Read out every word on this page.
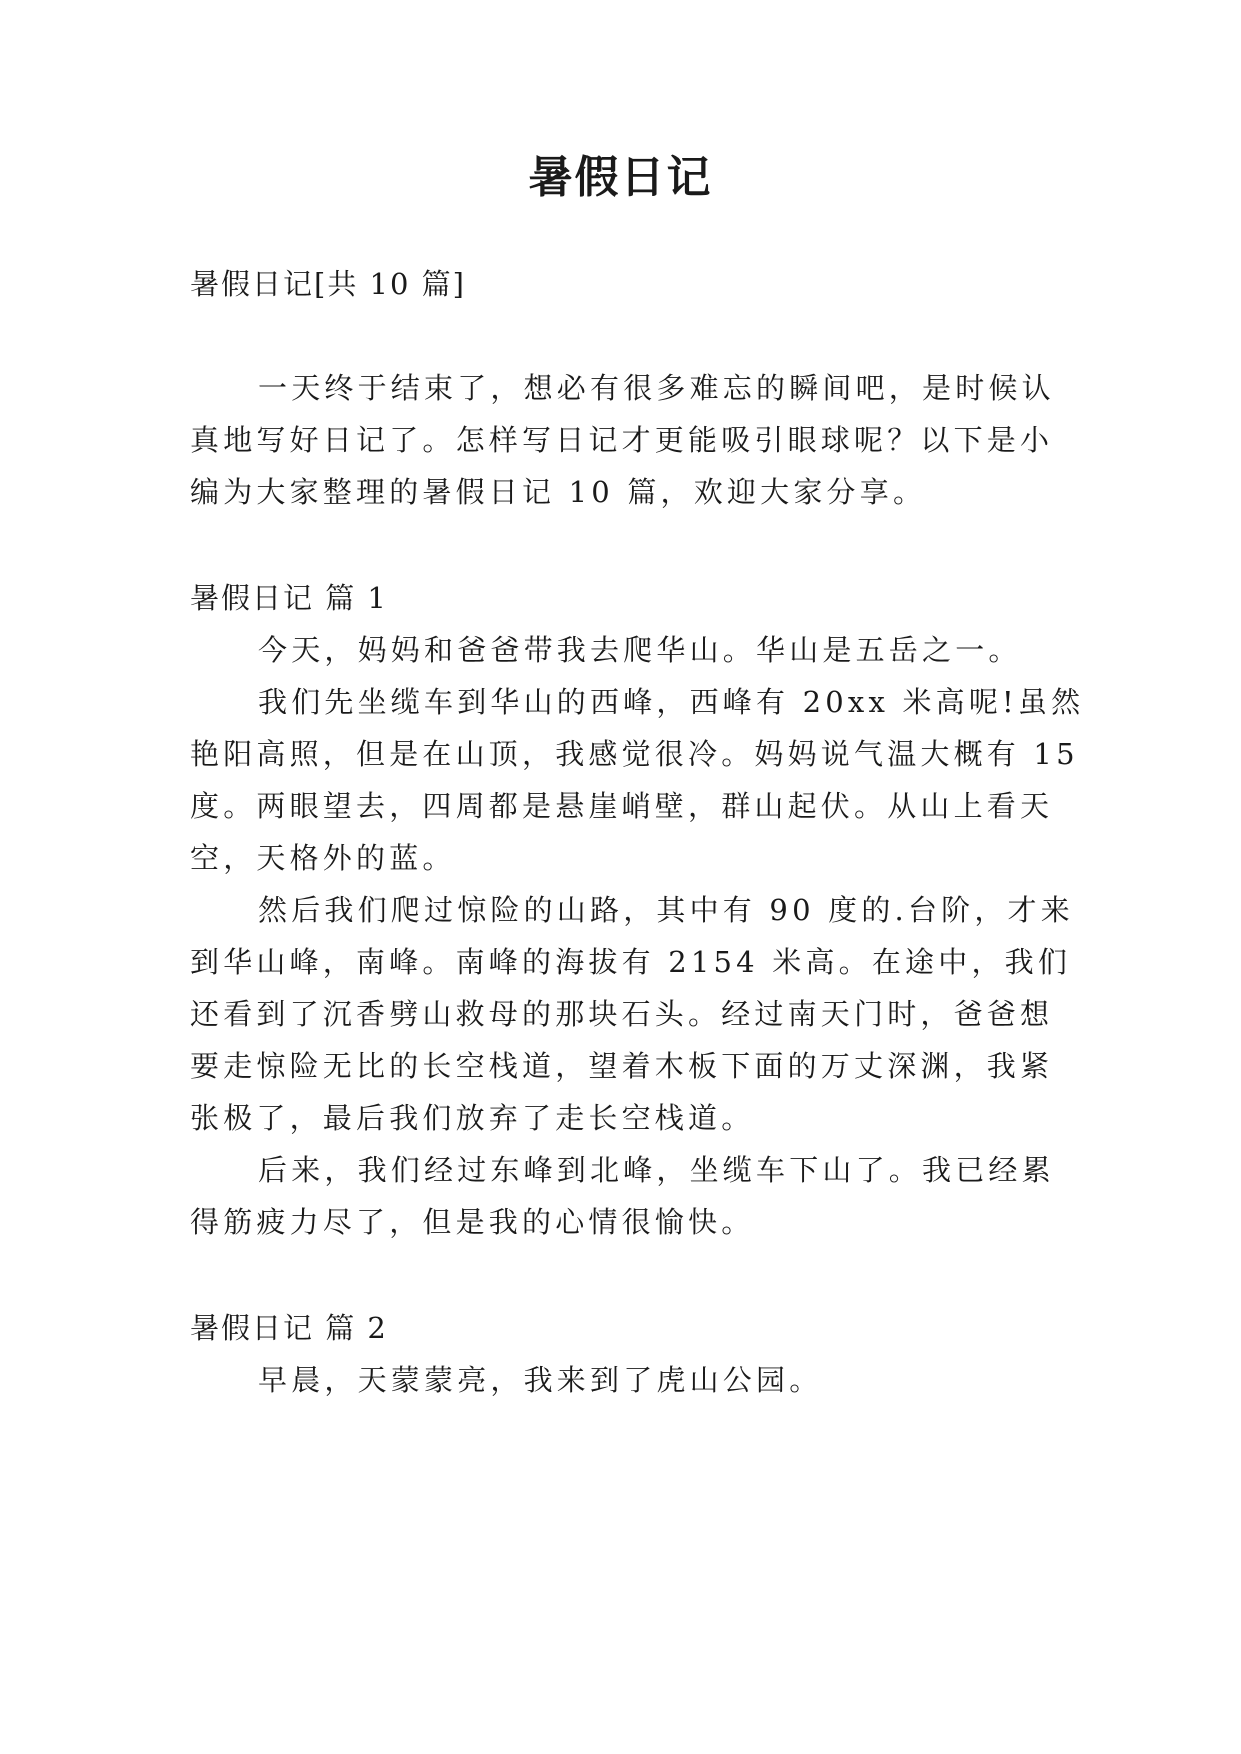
暑假日记

暑假日记[共 10 篇]

一天终于结束了，想必有很多难忘的瞬间吧，是时候认

真地写好日记了。怎样写日记才更能吸引眼球呢？以下是小

编为大家整理的暑假日记 10 篇，欢迎大家分享。

暑假日记 篇 1

今天，妈妈和爸爸带我去爬华山。华山是五岳之一。

我们先坐缆车到华山的西峰，西峰有 20xx 米高呢!虽然

艳阳高照，但是在山顶，我感觉很冷。妈妈说气温大概有 15

度。两眼望去，四周都是悬崖峭壁，群山起伏。从山上看天

空，天格外的蓝。

然后我们爬过惊险的山路，其中有 90 度的.台阶，才来

到华山峰，南峰。南峰的海拔有 2154 米高。在途中，我们

还看到了沉香劈山救母的那块石头。经过南天门时，爸爸想

要走惊险无比的长空栈道，望着木板下面的万丈深渊，我紧

张极了，最后我们放弃了走长空栈道。

后来，我们经过东峰到北峰，坐缆车下山了。我已经累

得筋疲力尽了，但是我的心情很愉快。

暑假日记 篇 2

早晨，天蒙蒙亮，我来到了虎山公园。
